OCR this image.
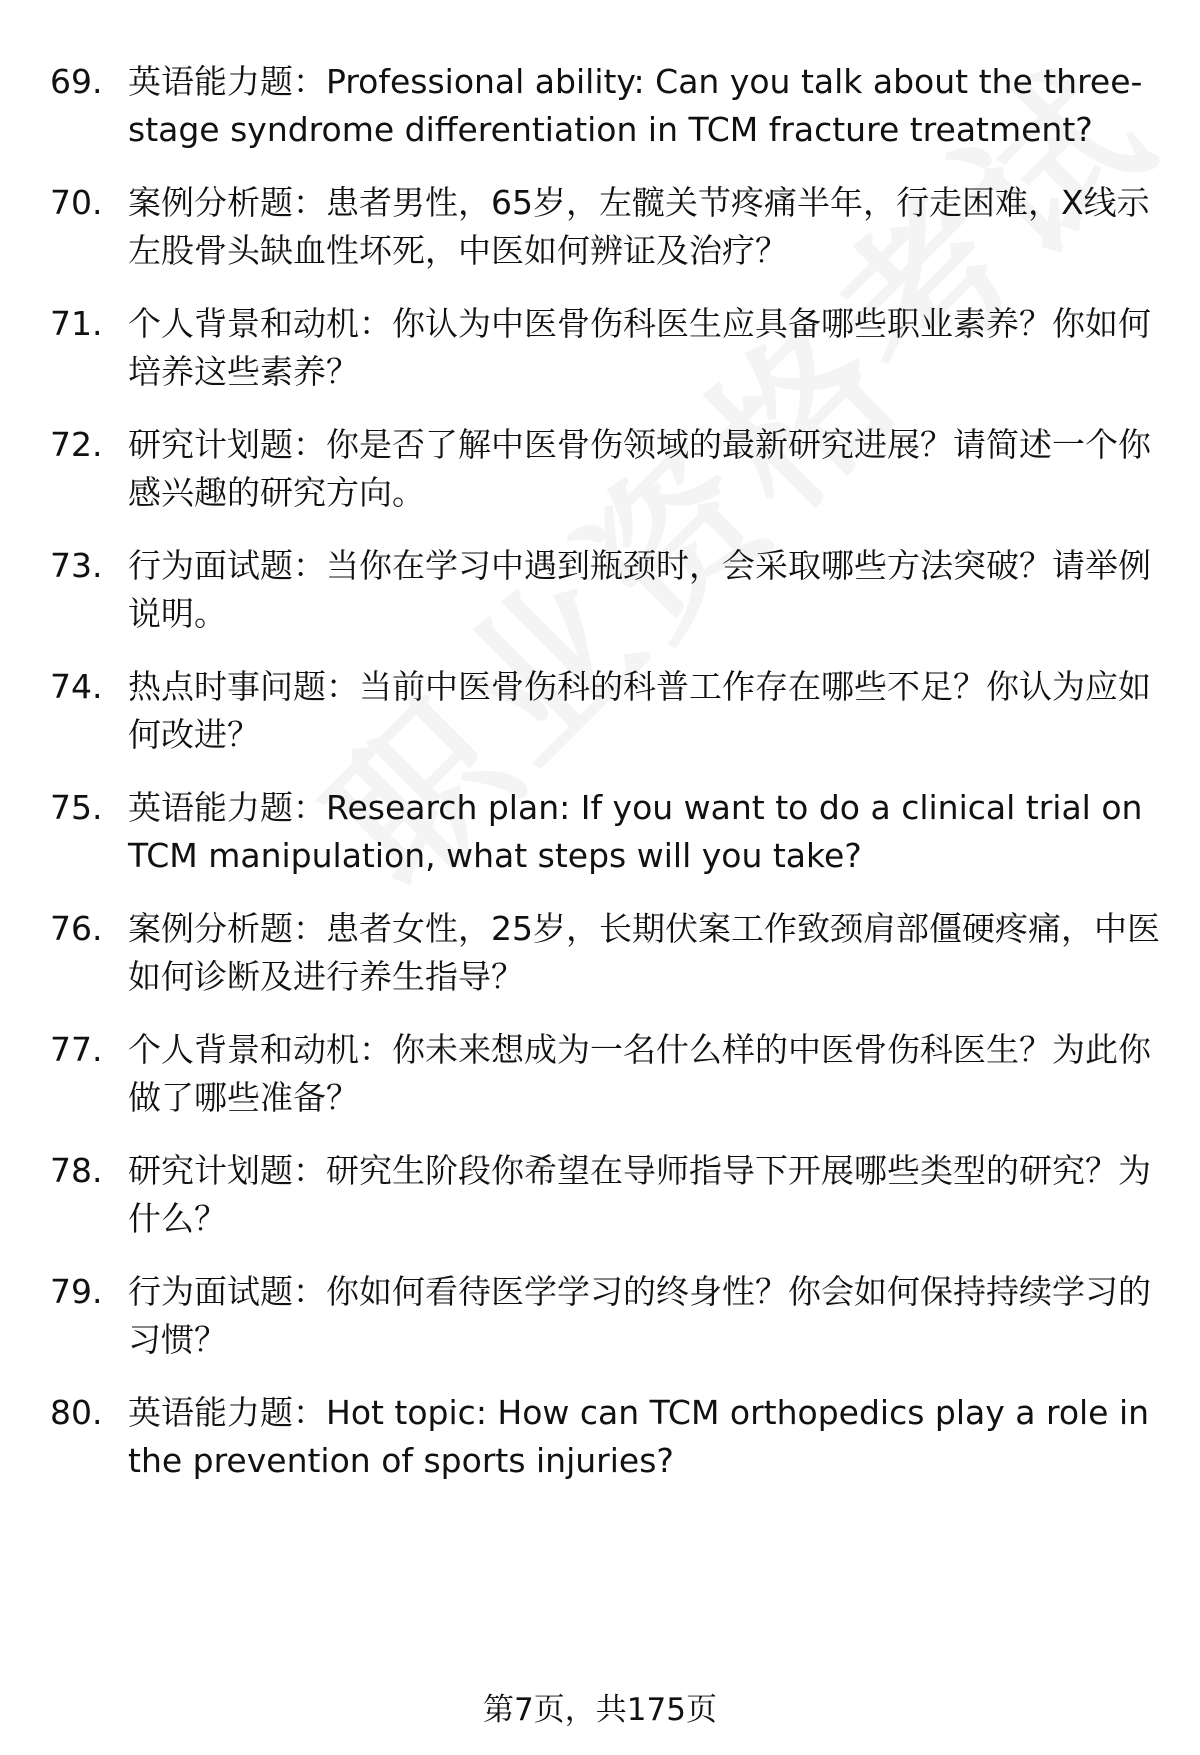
69. 英语能力题：Professional ability: Can you talk about the three-stage syndrome differentiation in TCM fracture treatment?
70. 案例分析题：患者男性，65岁，左髋关节疼痛半年，行走困难，X线示左股骨头缺血性坏死，中医如何辨证及治疗？
71. 个人背景和动机：你认为中医骨伤科医生应具备哪些职业素养？你如何培养这些素养？
72. 研究计划题：你是否了解中医骨伤领域的最新研究进展？请简述一个你感兴趣的研究方向。
73. 行为面试题：当你在学习中遇到瓶颈时，会采取哪些方法突破？请举例说明。
74. 热点时事问题：当前中医骨伤科的科普工作存在哪些不足？你认为应如何改进？
75. 英语能力题：Research plan: If you want to do a clinical trial on TCM manipulation, what steps will you take?
76. 案例分析题：患者女性，25岁，长期伏案工作致颈肩部僵硬疼痛，中医如何诊断及进行养生指导？
77. 个人背景和动机：你未来想成为一名什么样的中医骨伤科医生？为此你做了哪些准备？
78. 研究计划题：研究生阶段你希望在导师指导下开展哪些类型的研究？为什么？
79. 行为面试题：你如何看待医学学习的终身性？你会如何保持持续学习的习惯？
80. 英语能力题：Hot topic: How can TCM orthopedics play a role in the prevention of sports injuries?
第7页，共175页
